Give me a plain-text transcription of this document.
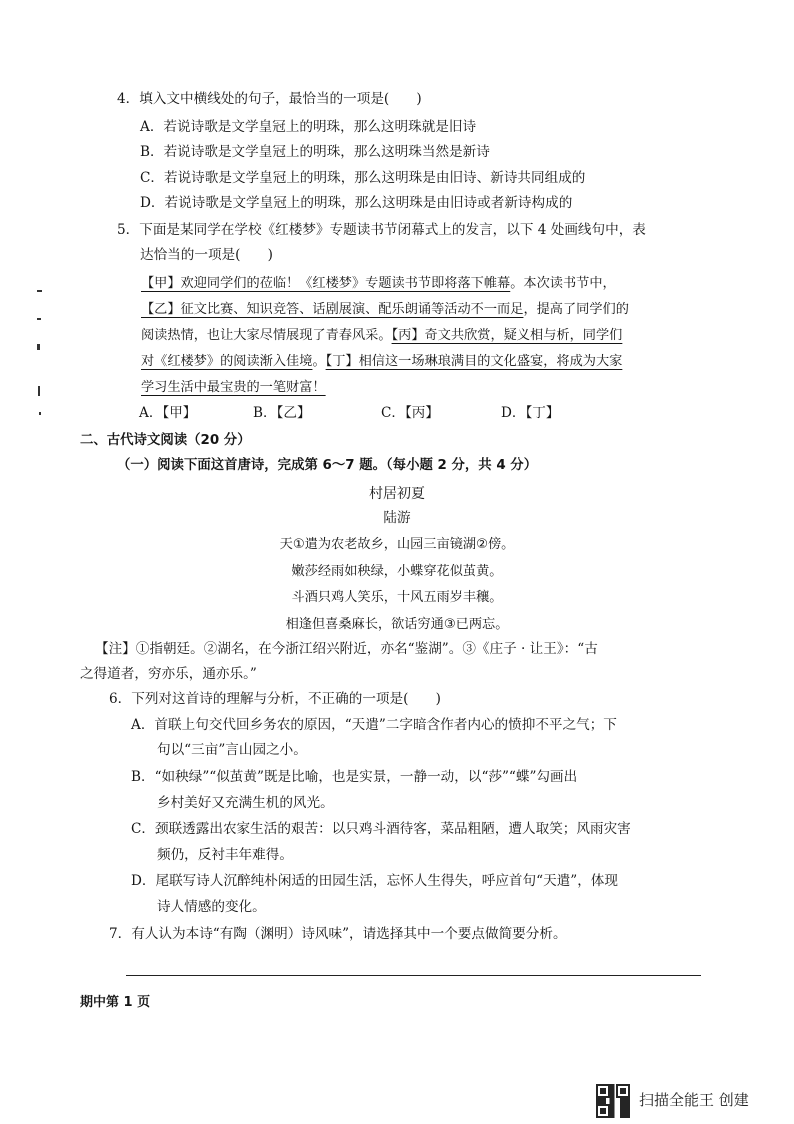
4．填入文中横线处的句子，最恰当的一项是(　　)
A．若说诗歌是文学皇冠上的明珠，那么这明珠就是旧诗
B．若说诗歌是文学皇冠上的明珠，那么这明珠当然是新诗
C．若说诗歌是文学皇冠上的明珠，那么这明珠是由旧诗、新诗共同组成的
D．若说诗歌是文学皇冠上的明珠，那么这明珠是由旧诗或者新诗构成的
5．下面是某同学在学校《红楼梦》专题读书节闭幕式上的发言，以下 4 处画线句中，表
达恰当的一项是(　　)
【甲】欢迎同学们的莅临！《红楼梦》专题读书节即将落下帷幕。本次读书节中，
【乙】征文比赛、知识竞答、话剧展演、配乐朗诵等活动不一而足，提高了同学们的
阅读热情，也让大家尽情展现了青春风采。【丙】奇文共欣赏，疑义相与析，同学们
对《红楼梦》的阅读渐入佳境。【丁】相信这一场琳琅满目的文化盛宴，将成为大家
学习生活中最宝贵的一笔财富！
A．【甲】	B．【乙】	C．【丙】	D．【丁】
二、古代诗文阅读（20 分）
（一）阅读下面这首唐诗，完成第 6～7 题。（每小题 2 分，共 4 分）
村居初夏
陆游
天①遣为农老故乡，山园三亩镜湖②傍。
嫩莎经雨如秧绿，小蝶穿花似茧黄。
斗酒只鸡人笑乐，十风五雨岁丰穰。
相逢但喜桑麻长，欲话穷通③已两忘。
【注】①指朝廷。②湖名，在今浙江绍兴附近，亦名“鉴湖”。③《庄子 · 让王》：“古
之得道者，穷亦乐，通亦乐。”
6．下列对这首诗的理解与分析，不正确的一项是(　　)
A．首联上句交代回乡务农的原因，“天遣”二字暗含作者内心的愤抑不平之气；下
句以“三亩”言山园之小。
B．“如秧绿”“似茧黄”既是比喻，也是实景，一静一动，以“莎”“蝶”勾画出
乡村美好又充满生机的风光。
C．颈联透露出农家生活的艰苦：以只鸡斗酒待客，菜品粗陋，遭人取笑；风雨灾害
频仍，反衬丰年难得。
D．尾联写诗人沉醉纯朴闲适的田园生活，忘怀人生得失，呼应首句“天遣”，体现
诗人情感的变化。
7．有人认为本诗“有陶（渊明）诗风味”，请选择其中一个要点做简要分析。
期中第 1 页
扫描全能王 创建
